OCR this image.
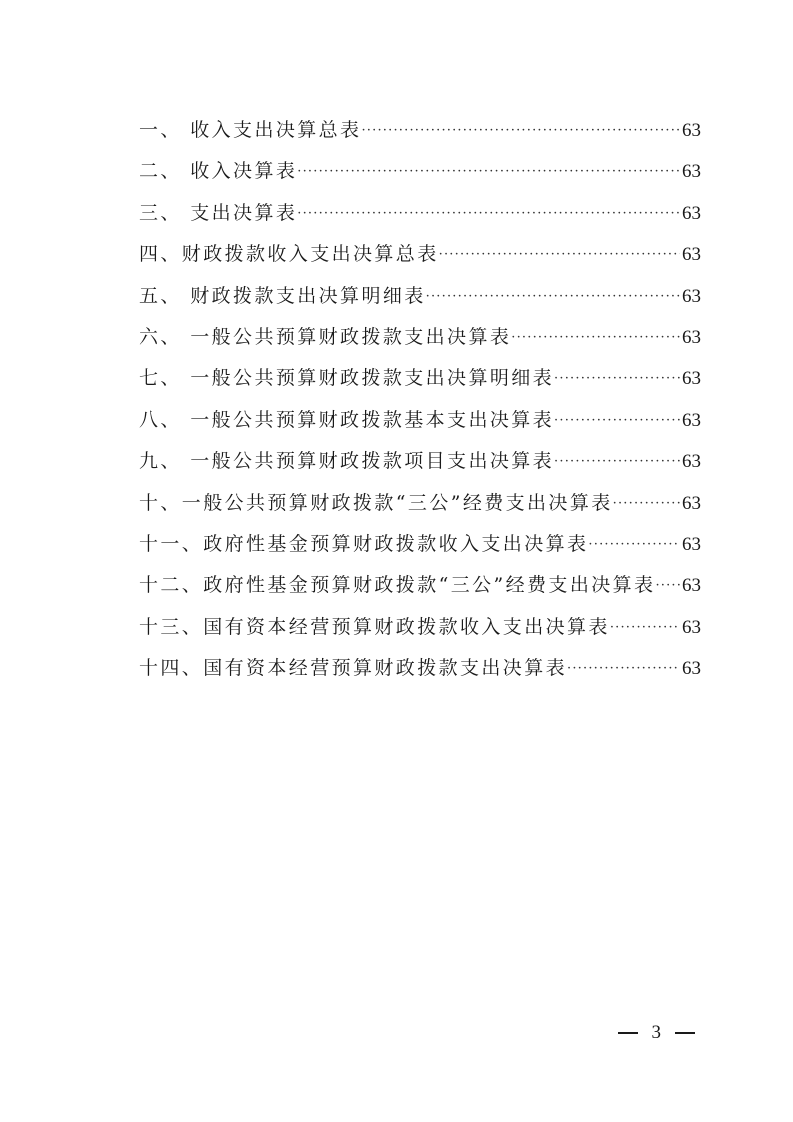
一、 收入支出决算总表 ·····	63
二、 收入决算表 ·····	63
三、 支出决算表 ·····	63
四、财政拨款收入支出决算总表 ·····	63
五、 财政拨款支出决算明细表 ·····	63
六、 一般公共预算财政拨款支出决算表 ·····	63
七、 一般公共预算财政拨款支出决算明细表 ·····	63
八、 一般公共预算财政拨款基本支出决算表 ·····	63
九、 一般公共预算财政拨款项目支出决算表 ·····	63
十、一般公共预算财政拨款“三公”经费支出决算表 ·····	63
十一、政府性基金预算财政拨款收入支出决算表 ·····	63
十二、政府性基金预算财政拨款“三公”经费支出决算表 ····· 63
十三、国有资本经营预算财政拨款收入支出决算表 ·····	63
十四、国有资本经营预算财政拨款支出决算表 ·····	63
3
